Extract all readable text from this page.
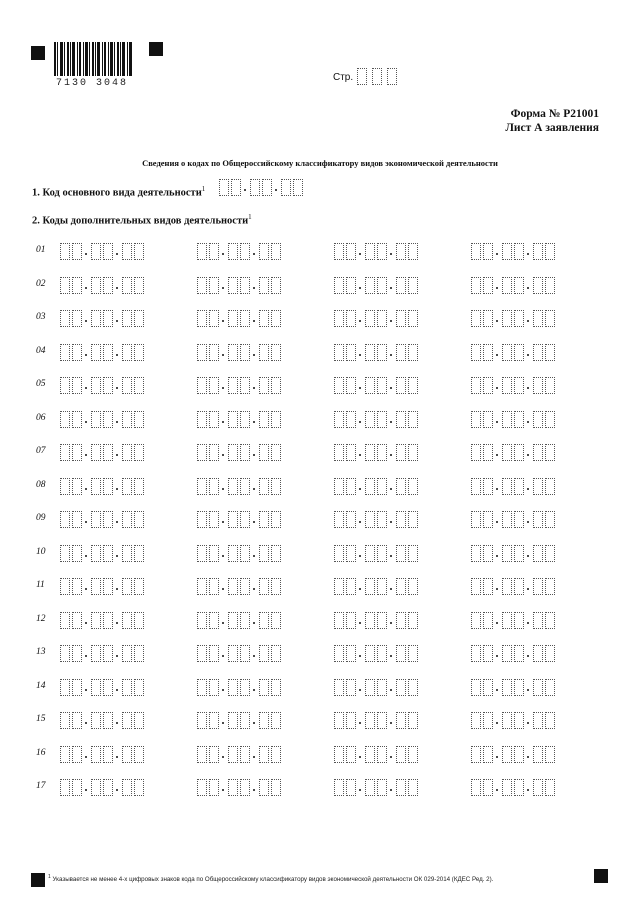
7130 3048
Стр.
Форма № Р21001
Лист А заявления
Сведения о кодах по Общероссийскому классификатору видов экономической деятельности
1. Код основного вида деятельности$^1$
2. Коды дополнительных видов деятельности$^1$
01
02
03
04
05
06
07
08
09
10
11
12
13
14
15
16
17
$^1$ Указывается не менее 4-х цифровых знаков кода по Общероссийскому классификатору видов экономической деятельности ОК 029-2014 (КДЕС Ред. 2).
